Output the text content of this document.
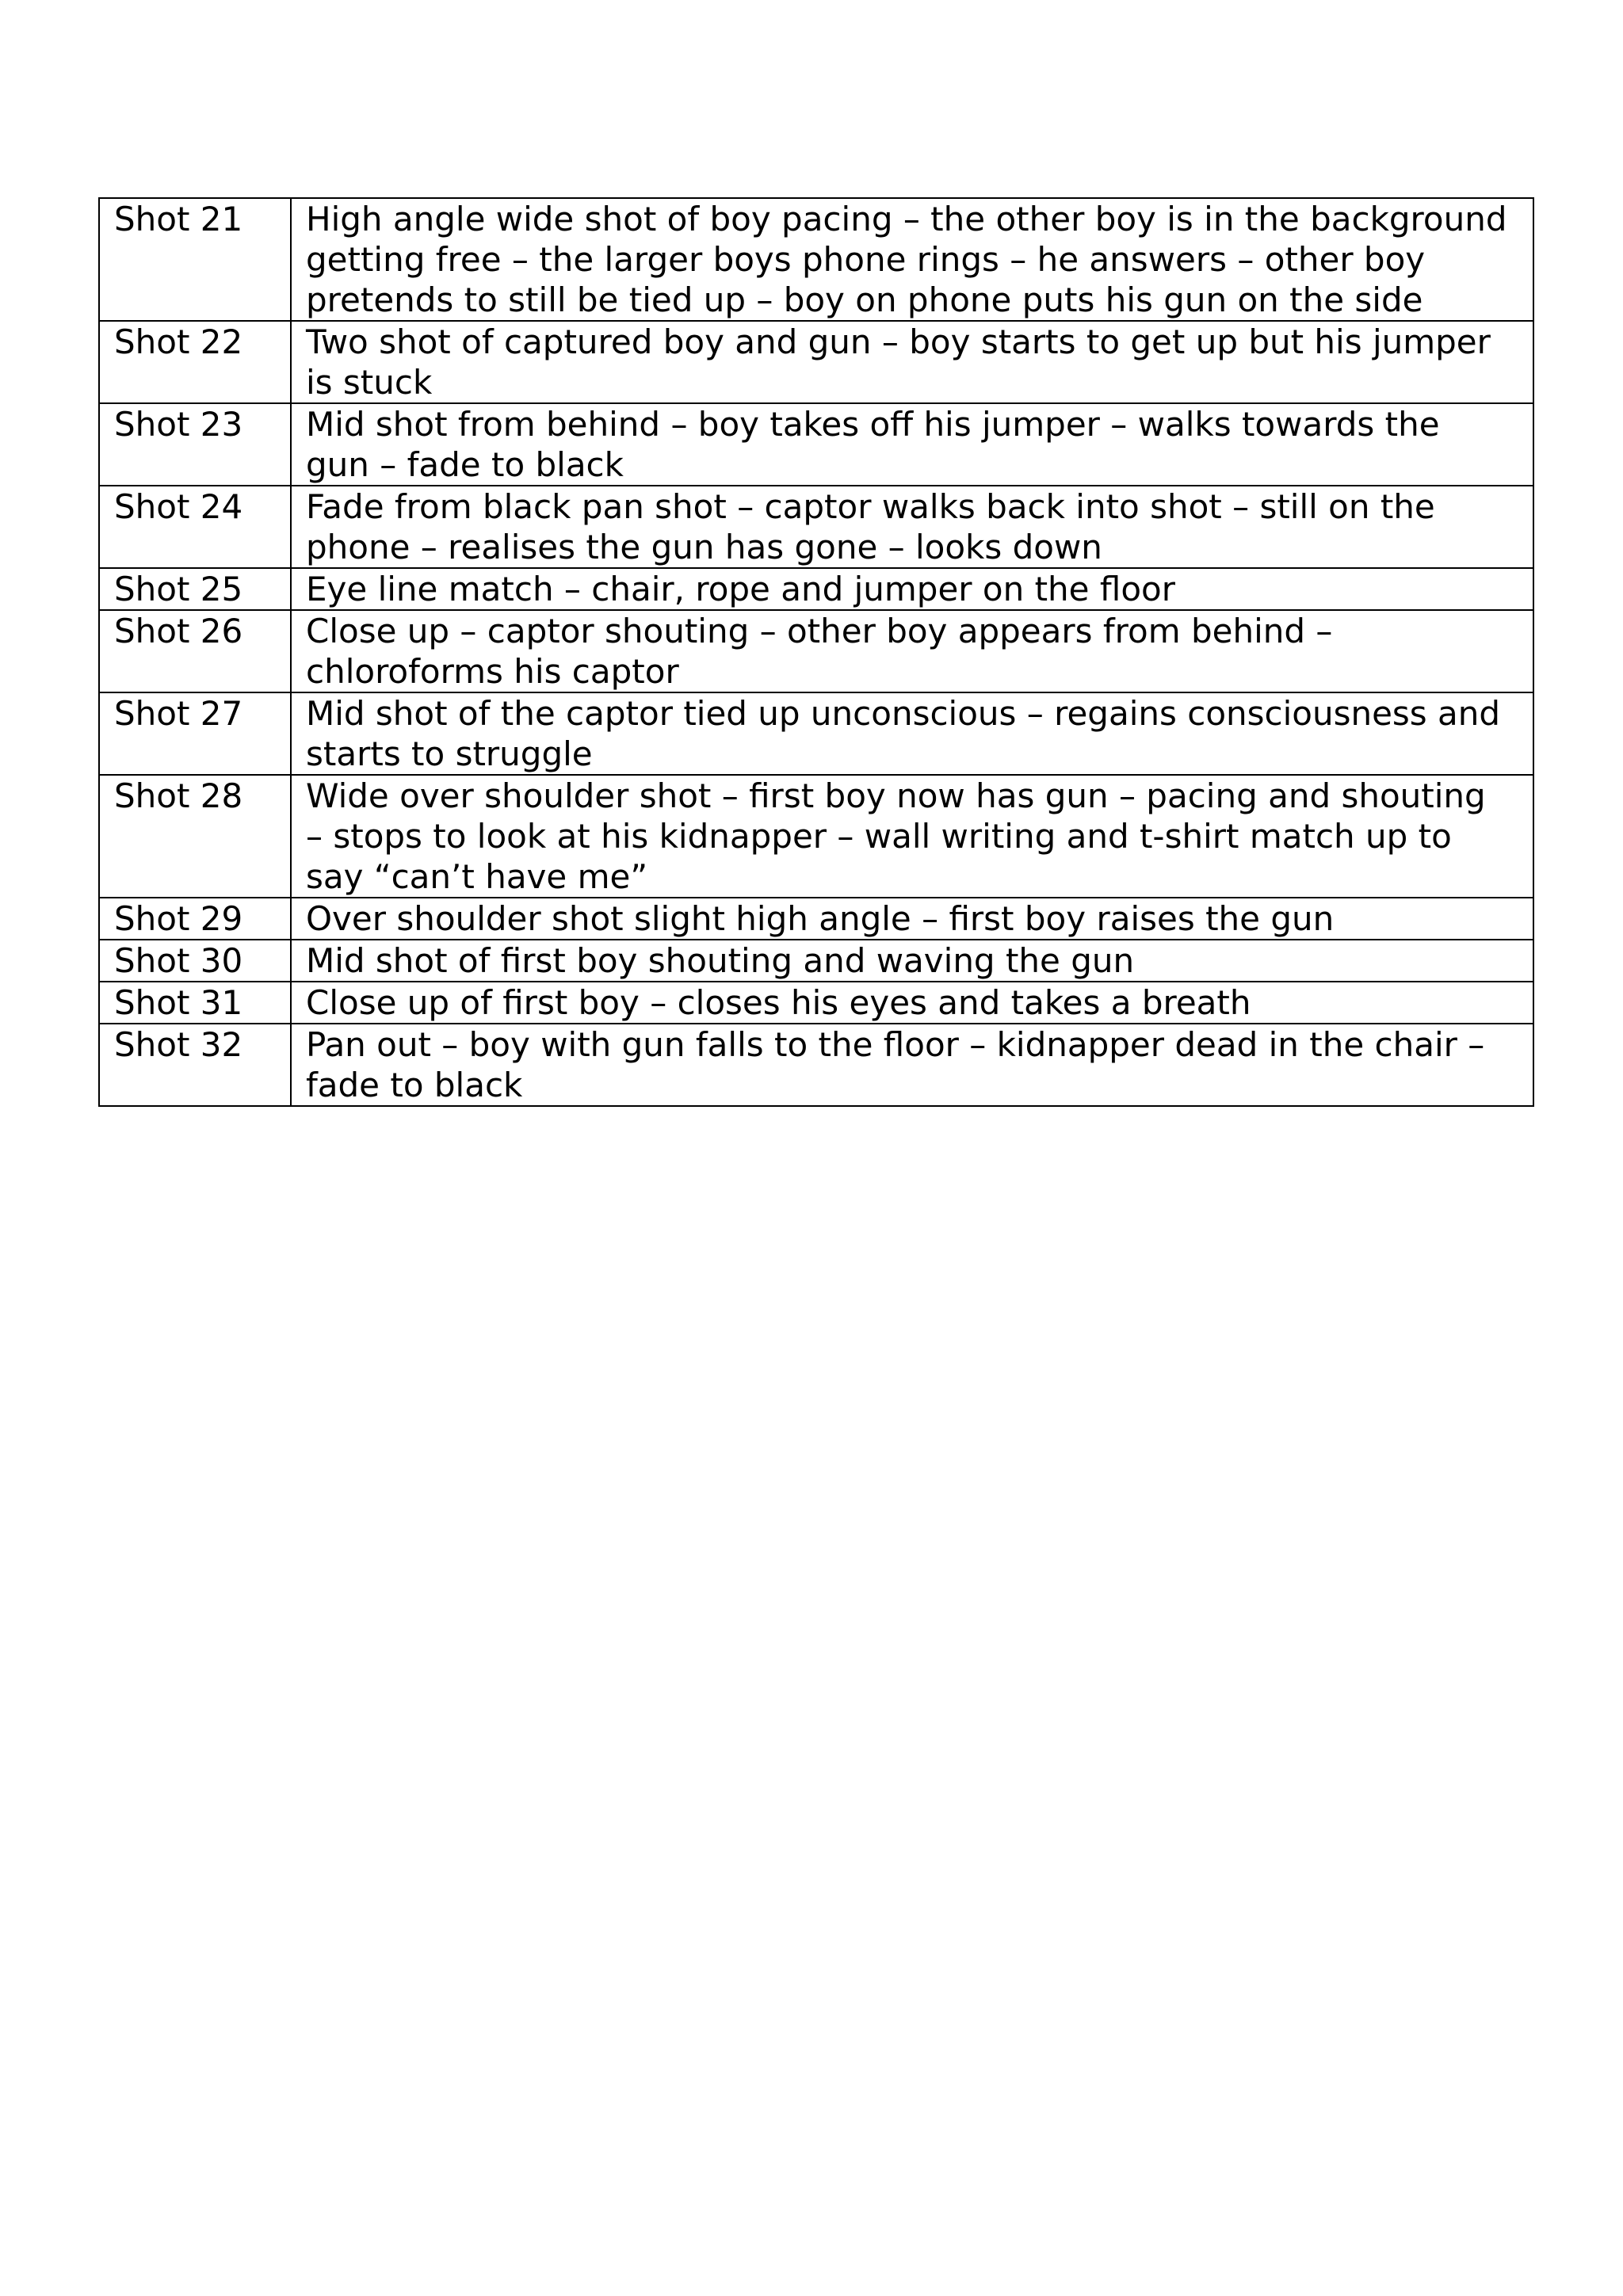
Shot 21	High angle wide shot of boy pacing – the other boy is in the background
getting free – the larger boys phone rings – he answers – other boy
pretends to still be tied up – boy on phone puts his gun on the side
Shot 22	Two shot of captured boy and gun – boy starts to get up but his jumper
is stuck
Shot 23	Mid shot from behind – boy takes off his jumper – walks towards the
gun – fade to black
Shot 24	Fade from black pan shot – captor walks back into shot – still on the
phone – realises the gun has gone – looks down
Shot 25	Eye line match – chair, rope and jumper on the floor
Shot 26	Close up – captor shouting – other boy appears from behind –
chloroforms his captor
Shot 27	Mid shot of the captor tied up unconscious – regains consciousness and
starts to struggle
Shot 28	Wide over shoulder shot – first boy now has gun – pacing and shouting
– stops to look at his kidnapper – wall writing and t-shirt match up to
say “can’t have me”
Shot 29	Over shoulder shot slight high angle – first boy raises the gun
Shot 30	Mid shot of first boy shouting and waving the gun
Shot 31	Close up of first boy – closes his eyes and takes a breath
Shot 32	Pan out – boy with gun falls to the floor – kidnapper dead in the chair –
fade to black
